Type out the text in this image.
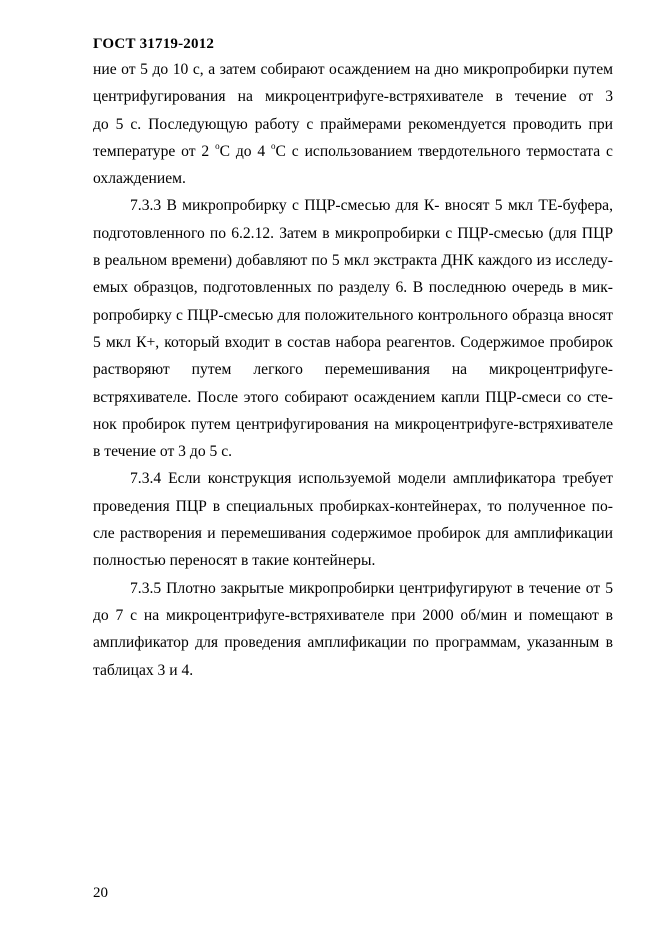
ГОСТ 31719-2012
ние от 5 до 10 с, а затем собирают осаждением на дно микропробирки путем
центрифугирования на микроцентрифуге-встряхивателе в течение от 3
до 5 с. Последующую работу с праймерами рекомендуется проводить при
температуре от 2 $^о$С до 4 $^о$С с использованием твердотельного термостата с
охлаждением.
7.3.3 В микропробирку с ПЦР-смесью для К- вносят 5 мкл ТЕ-буфера,
подготовленного по 6.2.12. Затем в микропробирки с ПЦР-смесью (для ПЦР
в реальном времени) добавляют по 5 мкл экстракта ДНК каждого из исследу-
емых образцов, подготовленных по разделу 6. В последнюю очередь в мик-
ропробирку с ПЦР-смесью для положительного контрольного образца вносят
5 мкл К+, который входит в состав набора реагентов. Содержимое пробирок
растворяют путем легкого перемешивания на микроцентрифуге-
встряхивателе. После этого собирают осаждением капли ПЦР-смеси со сте-
нок пробирок путем центрифугирования на микроцентрифуге-встряхивателе
в течение от 3 до 5 с.
7.3.4 Если конструкция используемой модели амплификатора требует
проведения ПЦР в специальных пробирках-контейнерах, то полученное по-
сле растворения и перемешивания содержимое пробирок для амплификации
полностью переносят в такие контейнеры.
7.3.5 Плотно закрытые микропробирки центрифугируют в течение от 5
до 7 с на микроцентрифуге-встряхивателе при 2000 об/мин и помещают в
амплификатор для проведения амплификации по программам, указанным в
таблицах 3 и 4.
20
